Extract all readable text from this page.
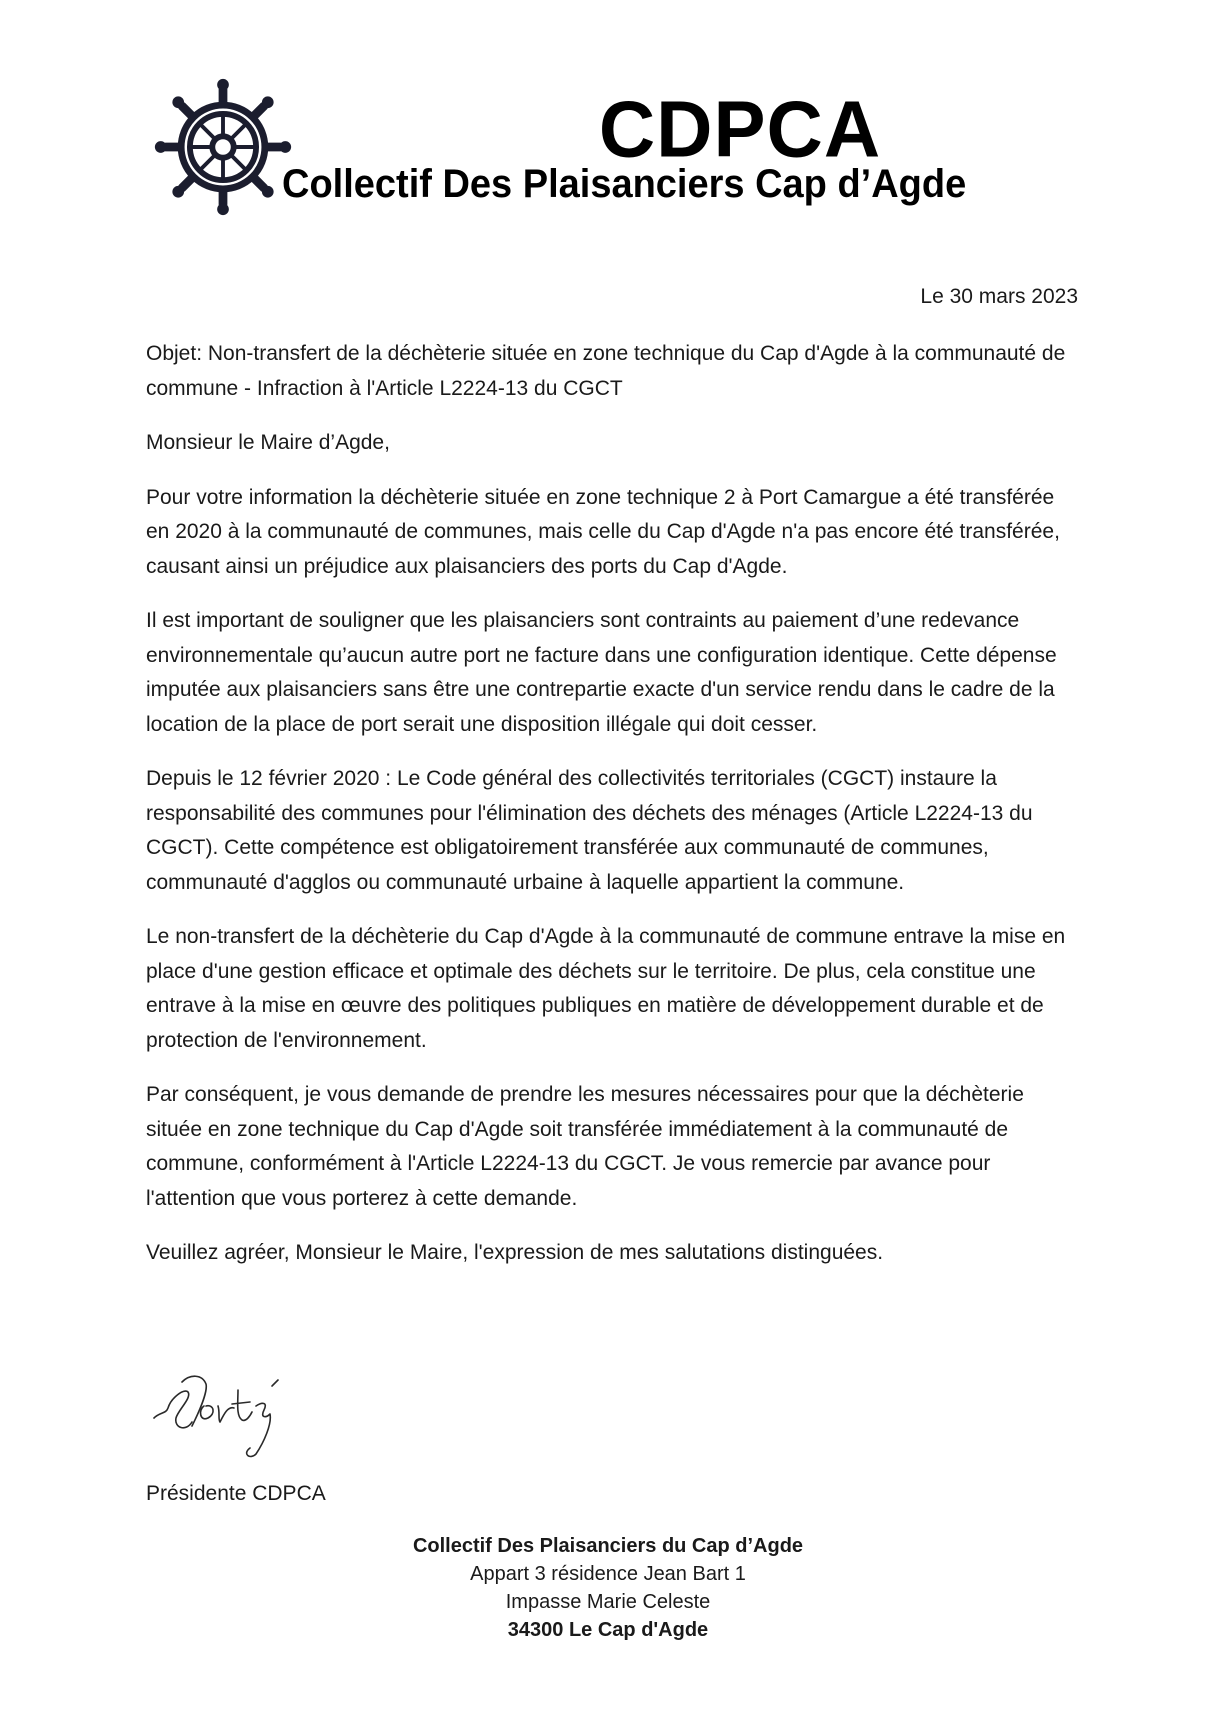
CDPCA
Collectif Des Plaisanciers Cap d’Agde
Le 30 mars 2023

Objet: Non-transfert de la déchèterie située en zone technique du Cap d'Agde à la communauté de commune - Infraction à l'Article L2224-13 du CGCT

Monsieur le Maire d’Agde,

Pour votre information la déchèterie située en zone technique 2 à Port Camargue a été transférée en 2020 à la communauté de communes, mais celle du Cap d'Agde n'a pas encore été transférée, causant ainsi un préjudice aux plaisanciers des ports du Cap d'Agde.

Il est important de souligner que les plaisanciers sont contraints au paiement d’une redevance environnementale qu’aucun autre port ne facture dans une configuration identique. Cette dépense imputée aux plaisanciers sans être une contrepartie exacte d'un service rendu dans le cadre de la location de la place de port serait une disposition illégale qui doit cesser.

Depuis le 12 février 2020 : Le Code général des collectivités territoriales (CGCT) instaure la responsabilité des communes pour l'élimination des déchets des ménages (Article L2224-13 du CGCT). Cette compétence est obligatoirement transférée aux communauté de communes, communauté d'agglos ou communauté urbaine à laquelle appartient la commune.

Le non-transfert de la déchèterie du Cap d'Agde à la communauté de commune entrave la mise en place d'une gestion efficace et optimale des déchets sur le territoire. De plus, cela constitue une entrave à la mise en œuvre des politiques publiques en matière de développement durable et de protection de l'environnement.

Par conséquent, je vous demande de prendre les mesures nécessaires pour que la déchèterie située en zone technique du Cap d'Agde soit transférée immédiatement à la communauté de commune, conformément à l'Article L2224-13 du CGCT. Je vous remercie par avance pour l'attention que vous porterez à cette demande.

Veuillez agréer, Monsieur le Maire, l'expression de mes salutations distinguées.

Présidente CDPCA
Collectif Des Plaisanciers du Cap d’Agde
Appart 3 résidence Jean Bart 1
Impasse Marie Celeste
34300 Le Cap d'Agde
